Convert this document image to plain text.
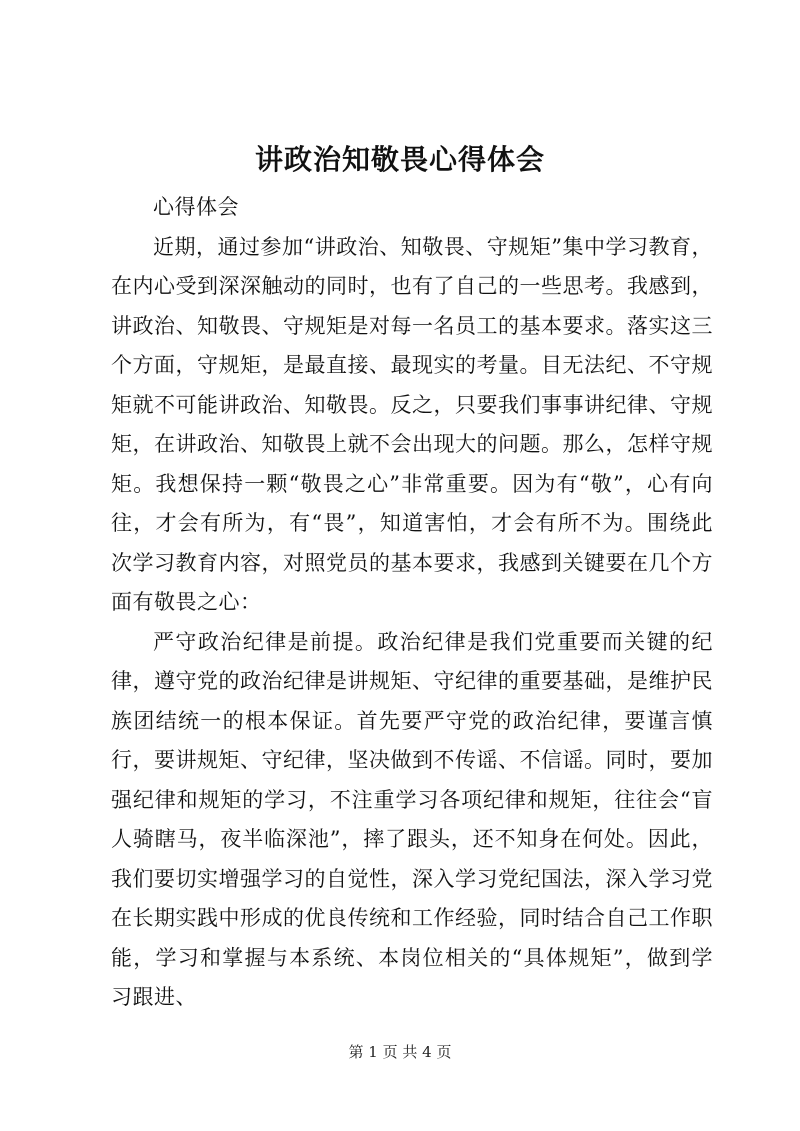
讲政治知敬畏心得体会

心得体会

近期，通过参加“讲政治、知敬畏、守规矩”集中学习教育，在内心受到深深触动的同时，也有了自己的一些思考。我感到，讲政治、知敬畏、守规矩是对每一名员工的基本要求。落实这三个方面，守规矩，是最直接、最现实的考量。目无法纪、不守规矩就不可能讲政治、知敬畏。反之，只要我们事事讲纪律、守规矩，在讲政治、知敬畏上就不会出现大的问题。那么，怎样守规矩。我想保持一颗“敬畏之心”非常重要。因为有“敬”，心有向往，才会有所为，有“畏”，知道害怕，才会有所不为。围绕此次学习教育内容，对照党员的基本要求，我感到关键要在几个方面有敬畏之心：

严守政治纪律是前提。政治纪律是我们党重要而关键的纪律，遵守党的政治纪律是讲规矩、守纪律的重要基础，是维护民族团结统一的根本保证。首先要严守党的政治纪律，要谨言慎行，要讲规矩、守纪律，坚决做到不传谣、不信谣。同时，要加强纪律和规矩的学习，不注重学习各项纪律和规矩，往往会“盲人骑瞎马，夜半临深池”，摔了跟头，还不知身在何处。因此，我们要切实增强学习的自觉性，深入学习党纪国法，深入学习党在长期实践中形成的优良传统和工作经验，同时结合自己工作职能，学习和掌握与本系统、本岗位相关的“具体规矩”，做到学习跟进、

第 1 页 共 4 页
